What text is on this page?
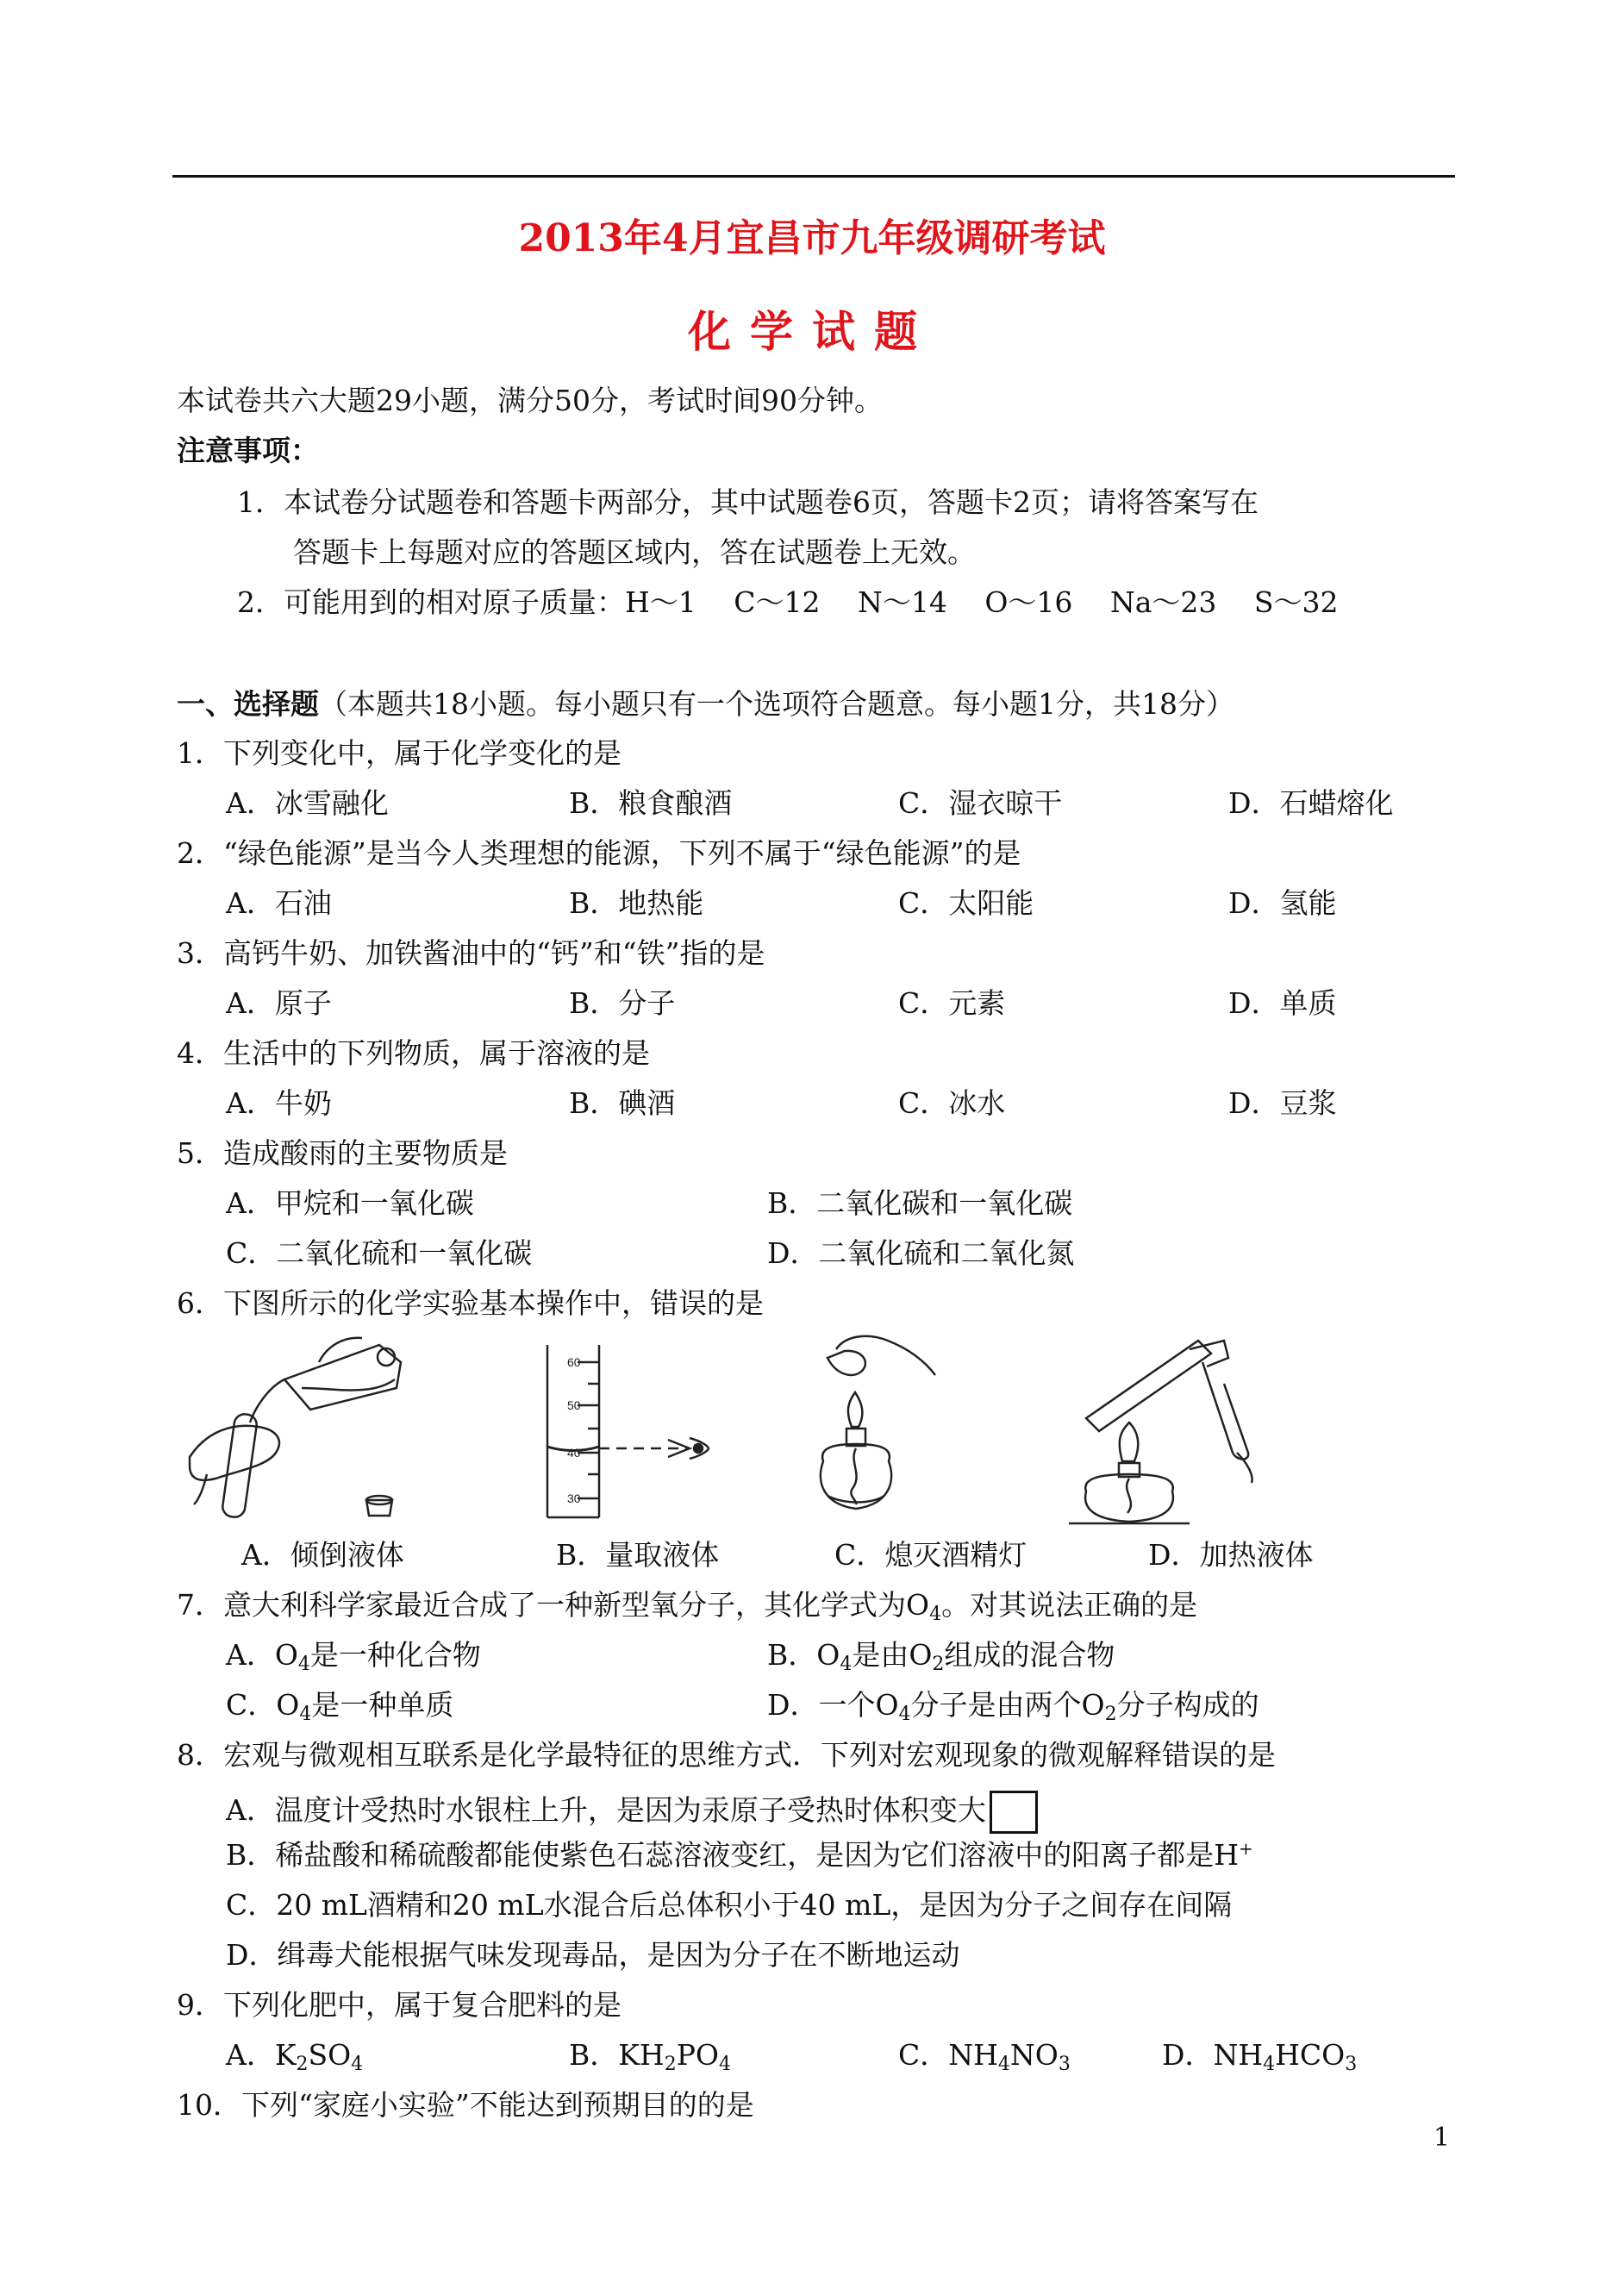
2013年4月宜昌市九年级调研考试
化学试题
本试卷共六大题29小题，满分50分，考试时间90分钟。
注意事项：
1．本试卷分试题卷和答题卡两部分，其中试题卷6页，答题卡2页；请将答案写在
答题卡上每题对应的答题区域内，答在试题卷上无效。
2．可能用到的相对原子质量：H～1　 C～12　 N～14　 O～16　 Na～23　 S～32
一、选择题（本题共18小题。每小题只有一个选项符合题意。每小题1分，共18分）
1．下列变化中，属于化学变化的是
A．冰雪融化	B．粮食酿酒	C．湿衣晾干	D．石蜡熔化
2．“绿色能源”是当今人类理想的能源，下列不属于“绿色能源”的是
A．石油	B．地热能	C．太阳能	D．氢能
3．高钙牛奶、加铁酱油中的“钙”和“铁”指的是
A．原子	B．分子	C．元素	D．单质
4．生活中的下列物质，属于溶液的是
A．牛奶	B．碘酒	C．冰水	D．豆浆
5．造成酸雨的主要物质是
A．甲烷和一氧化碳	B．二氧化碳和一氧化碳
C．二氧化硫和一氧化碳	D．二氧化硫和二氧化氮
6．下图所示的化学实验基本操作中，错误的是
60
50
40
30
A．倾倒液体	B．量取液体	C．熄灭酒精灯	D．加热液体
7．意大利科学家最近合成了一种新型氧分子，其化学式为$O_4$。对其说法正确的是
A．$O_4$是一种化合物	B．$O_4$是由$O_2$组成的混合物
C．$O_4$是一种单质	D．一个$O_4$分子是由两个$O_2$分子构成的
8．宏观与微观相互联系是化学最特征的思维方式．下列对宏观现象的微观解释错误的是
A．温度计受热时水银柱上升，是因为汞原子受热时体积变大
B．稀盐酸和稀硫酸都能使紫色石蕊溶液变红，是因为它们溶液中的阳离子都是H+
C．20 mL酒精和20 mL水混合后总体积小于40 mL，是因为分子之间存在间隔
D．缉毒犬能根据气味发现毒品，是因为分子在不断地运动
9．下列化肥中，属于复合肥料的是
A．$K_2SO_4$	B．$KH_2PO_4$	C．$NH_4NO_3$	D．$NH_4HCO_3$
10．下列“家庭小实验”不能达到预期目的的是
1
